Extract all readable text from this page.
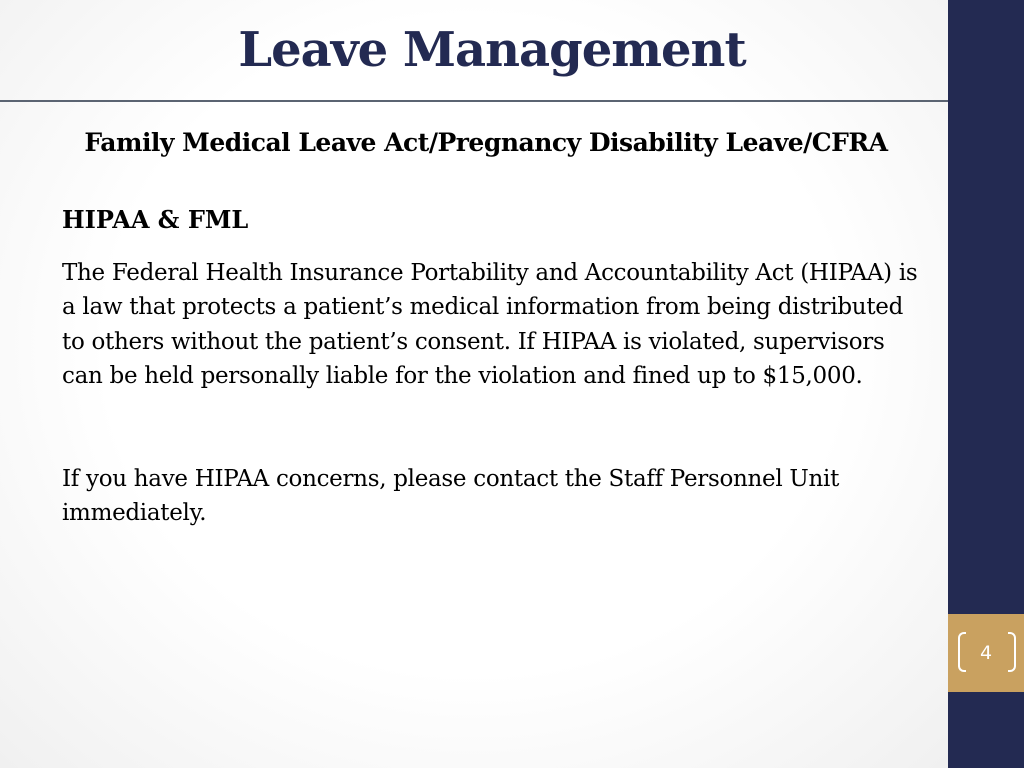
Leave Management
Family Medical Leave Act/Pregnancy Disability Leave/CFRA
HIPAA & FML

The Federal Health Insurance Portability and Accountability Act (HIPAA) is a law that protects a patient’s medical information from being distributed to others without the patient’s consent. If HIPAA is violated, supervisors can be held personally liable for the violation and fined up to $15,000.

If you have HIPAA concerns, please contact the Staff Personnel Unit immediately.

4
